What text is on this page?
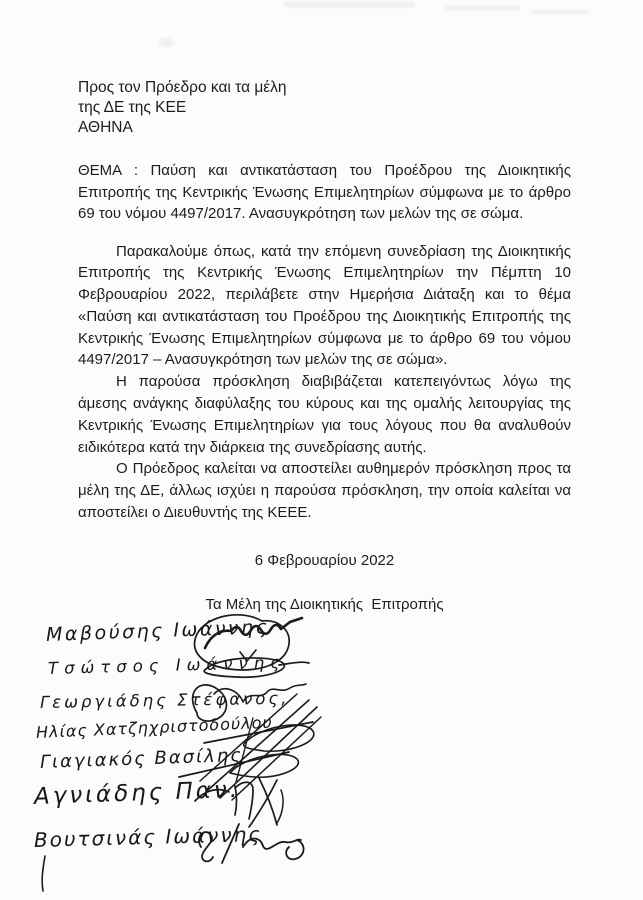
Προς τον Πρόεδρο και τα μέλη
της ΔΕ της ΚΕΕ
ΑΘΗΝΑ

ΘΕΜΑ : Παύση και αντικατάσταση του Προέδρου της Διοικητικής Επιτροπής της Κεντρικής Ένωσης Επιμελητηρίων σύμφωνα με το άρθρο 69 του νόμου 4497/2017. Ανασυγκρότηση των μελών της σε σώμα.

Παρακαλούμε όπως, κατά την επόμενη συνεδρίαση της Διοικητικής Επιτροπής της Κεντρικής Ένωσης Επιμελητηρίων την Πέμπτη 10 Φεβρουαρίου 2022, περιλάβετε στην Ημερήσια Διάταξη και το θέμα «Παύση και αντικατάσταση του Προέδρου της Διοικητικής Επιτροπής της Κεντρικής Ένωσης Επιμελητηρίων σύμφωνα με το άρθρο 69 του νόμου 4497/2017 – Ανασυγκρότηση των μελών της σε σώμα».

Η παρούσα πρόσκληση διαβιβάζεται κατεπειγόντως λόγω της άμεσης ανάγκης διαφύλαξης του κύρους και της ομαλής λειτουργίας της Κεντρικής Ένωσης Επιμελητηρίων για τους λόγους που θα αναλυθούν ειδικότερα κατά την διάρκεια της συνεδρίασης αυτής.

Ο Πρόεδρος καλείται να αποστείλει αυθημερόν πρόσκληση προς τα μέλη της ΔΕ, άλλως ισχύει η παρούσα πρόσκληση, την οποία καλείται να αποστείλει ο Διευθυντής της ΚΕΕΕ.

6 Φεβρουαρίου 2022
Τα Μέλη της Διοικητικής  Επιτροπής
Μαβούσης Ιωάννης
Τσώτσος Ιωάννης
Γεωργιάδης Στέφανος,
Ηλίας Χατζηχριστοδούλου
Γιαγιακός Βασίλης
Αγνιάδης Παν.
Βουτσινάς Ιωάννης
